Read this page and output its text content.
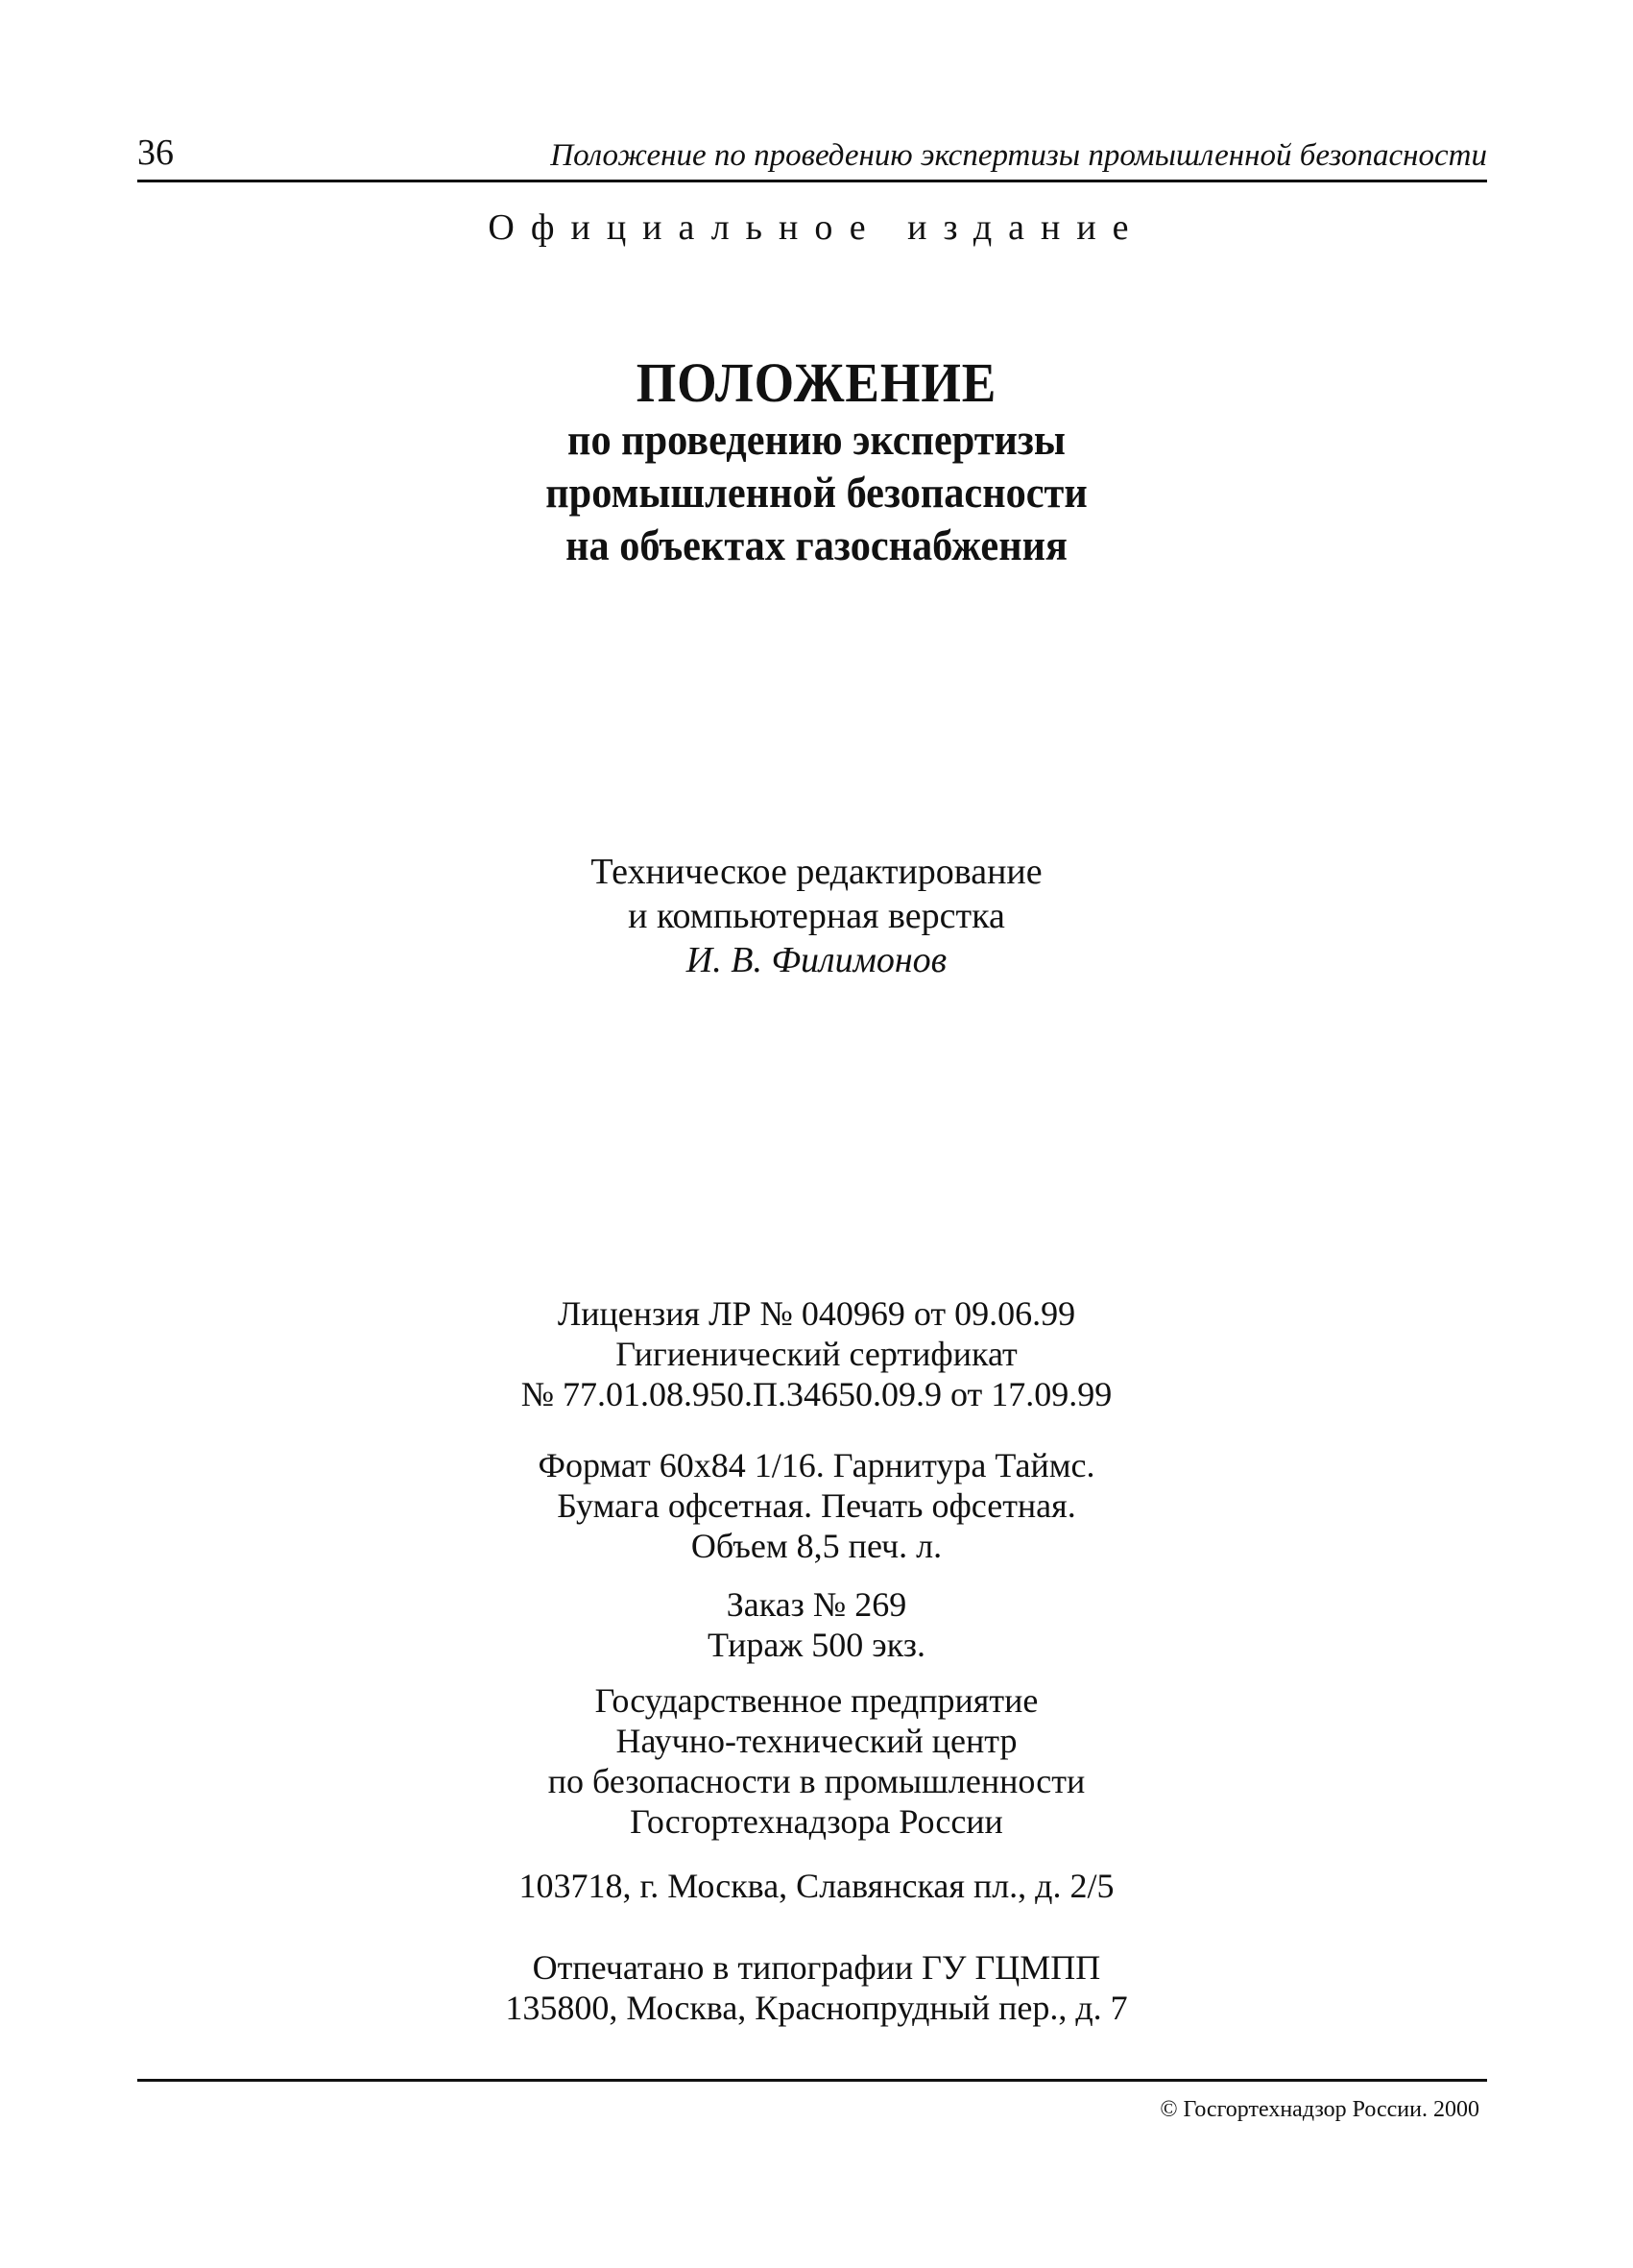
36	Положение по проведению экспертизы промышленной безопасности
Официальное издание
ПОЛОЖЕНИЕ
по проведению экспертизы
промышленной безопасности
на объектах газоснабжения
Техническое редактирование
и компьютерная верстка
И. В. Филимонов
Лицензия ЛР № 040969 от 09.06.99
Гигиенический сертификат
№ 77.01.08.950.П.34650.09.9 от 17.09.99
Формат 60х84 1/16. Гарнитура Таймс.
Бумага офсетная. Печать офсетная.
Объем 8,5 печ. л.
Заказ № 269
Тираж 500 экз.
Государственное предприятие
Научно-технический центр
по безопасности в промышленности
Госгортехнадзора России
103718, г. Москва, Славянская пл., д. 2/5
Отпечатано в типографии ГУ ГЦМПП
135800, Москва, Краснопрудный пер., д. 7
© Госгортехнадзор России. 2000
